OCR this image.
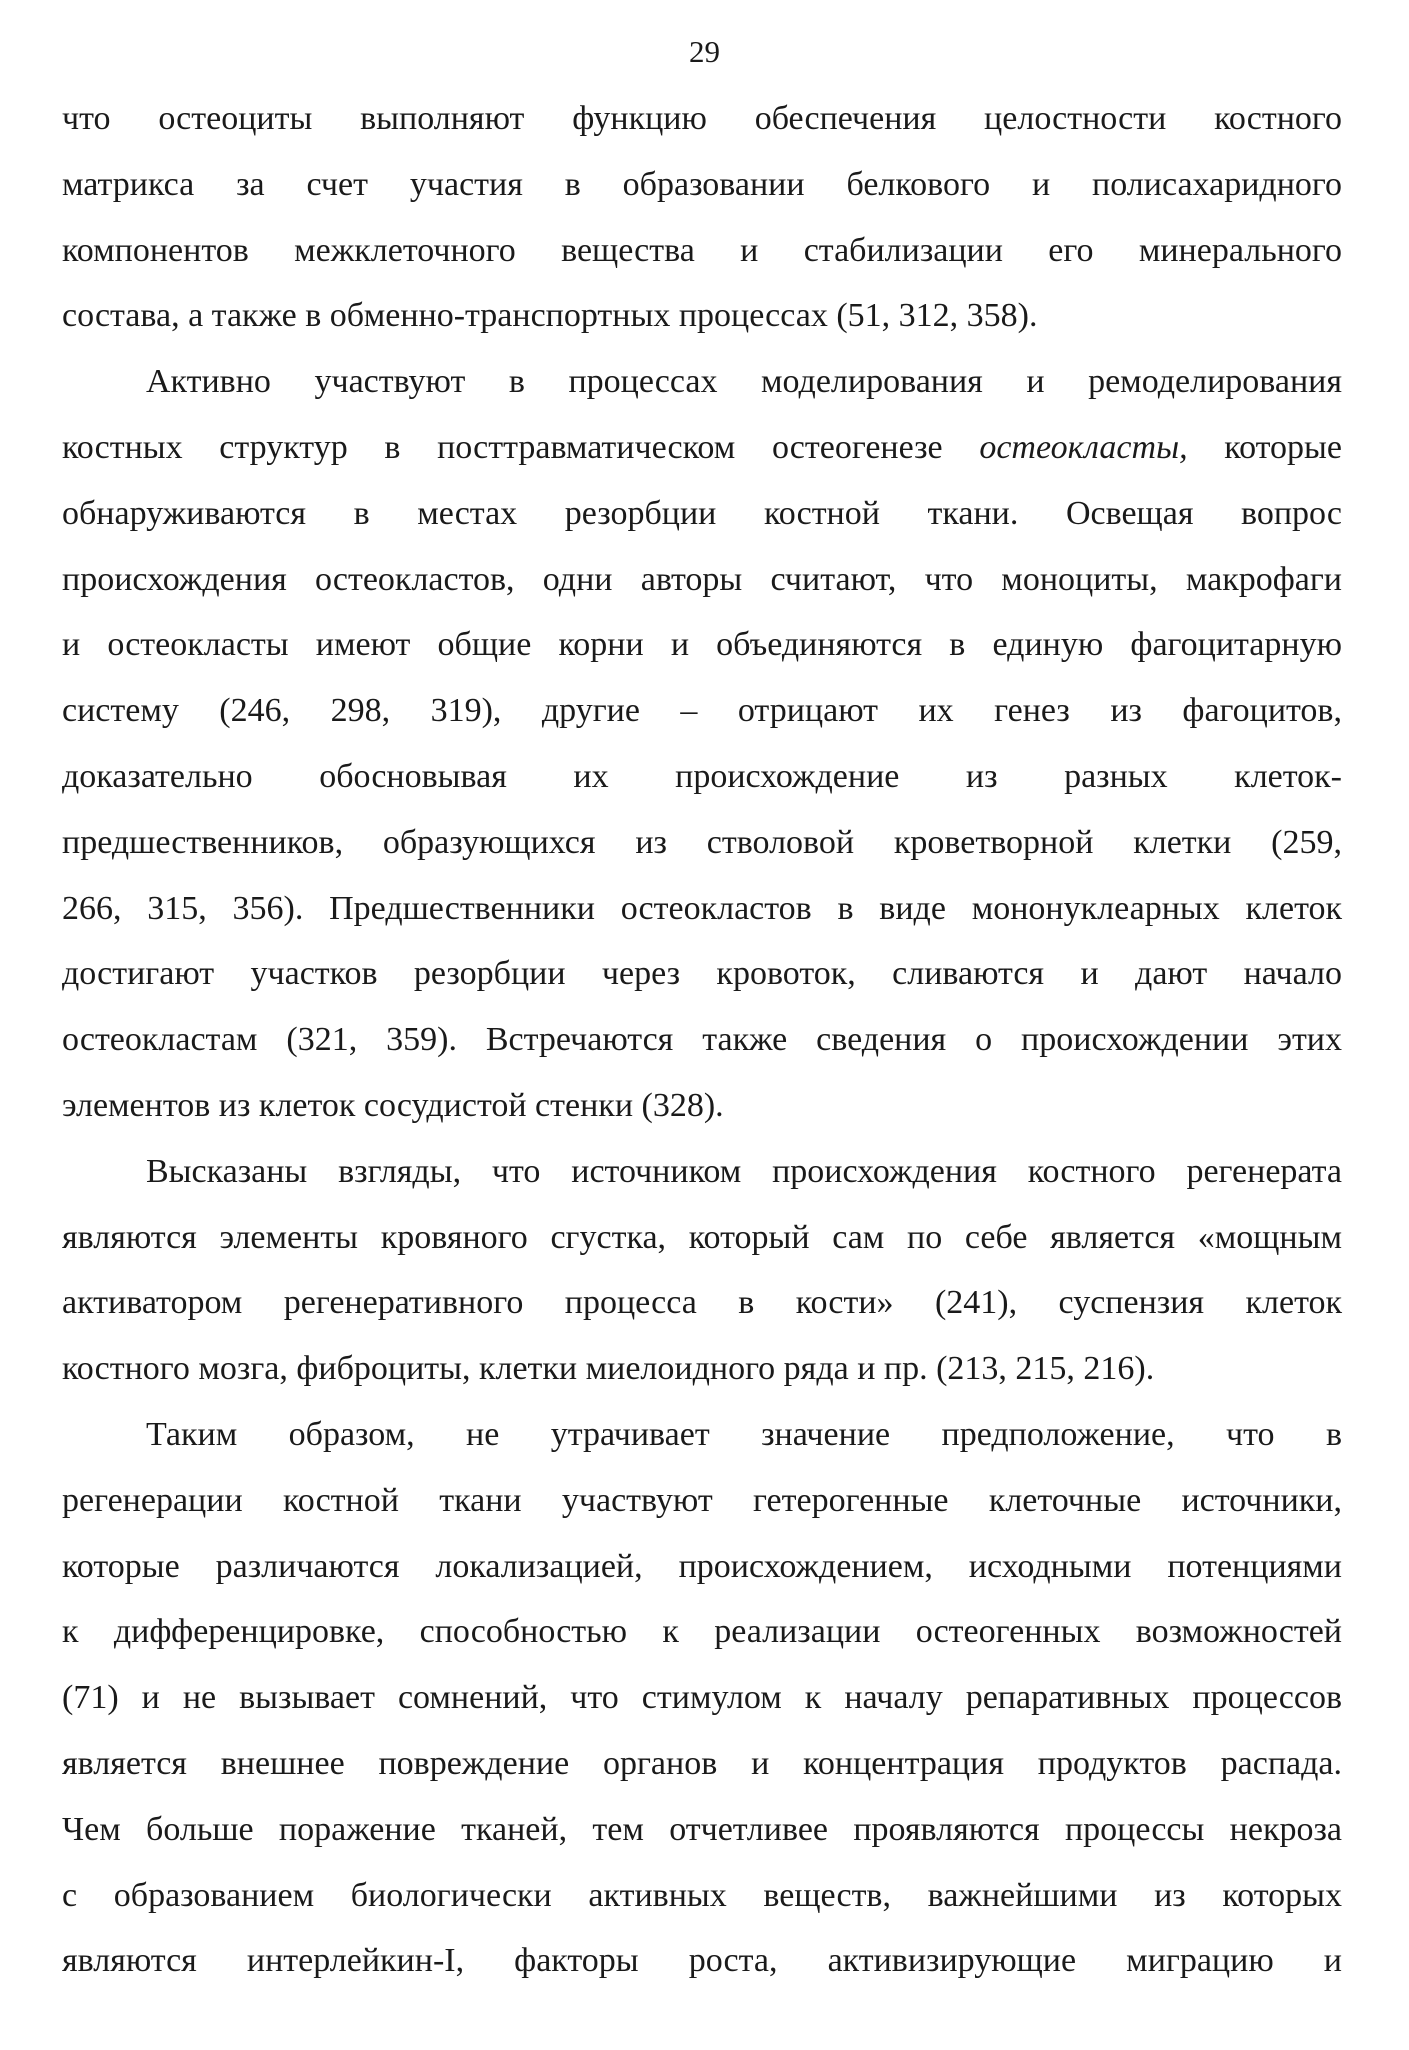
29
что остеоциты выполняют функцию обеспечения целостности костного
матрикса за счет участия в образовании белкового и полисахаридного
компонентов межклеточного вещества и стабилизации его минерального
состава, а также в обменно-транспортных процессах (51, 312, 358).
Активно участвуют в процессах моделирования и ремоделирования
костных структур в посттравматическом остеогенезе остеокласты, которые
обнаруживаются в местах резорбции костной ткани. Освещая вопрос
происхождения остеокластов, одни авторы считают, что моноциты, макрофаги
и остеокласты имеют общие корни и объединяются в единую фагоцитарную
систему (246, 298, 319), другие – отрицают их генез из фагоцитов,
доказательно обосновывая их происхождение из разных клеток-
предшественников, образующихся из стволовой кроветворной клетки (259,
266, 315, 356). Предшественники остеокластов в виде мононуклеарных клеток
достигают участков резорбции через кровоток, сливаются и дают начало
остеокластам (321, 359). Встречаются также сведения о происхождении этих
элементов из клеток сосудистой стенки (328).
Высказаны взгляды, что источником происхождения костного регенерата
являются элементы кровяного сгустка, который сам по себе является «мощным
активатором регенеративного процесса в кости» (241), суспензия клеток
костного мозга, фиброциты, клетки миелоидного ряда и пр. (213, 215, 216).
Таким образом, не утрачивает значение предположение, что в
регенерации костной ткани участвуют гетерогенные клеточные источники,
которые различаются локализацией, происхождением, исходными потенциями
к дифференцировке, способностью к реализации остеогенных возможностей
(71) и не вызывает сомнений, что стимулом к началу репаративных процессов
является внешнее повреждение органов и концентрация продуктов распада.
Чем больше поражение тканей, тем отчетливее проявляются процессы некроза
с образованием биологически активных веществ, важнейшими из которых
являются интерлейкин-I, факторы роста, активизирующие миграцию и
